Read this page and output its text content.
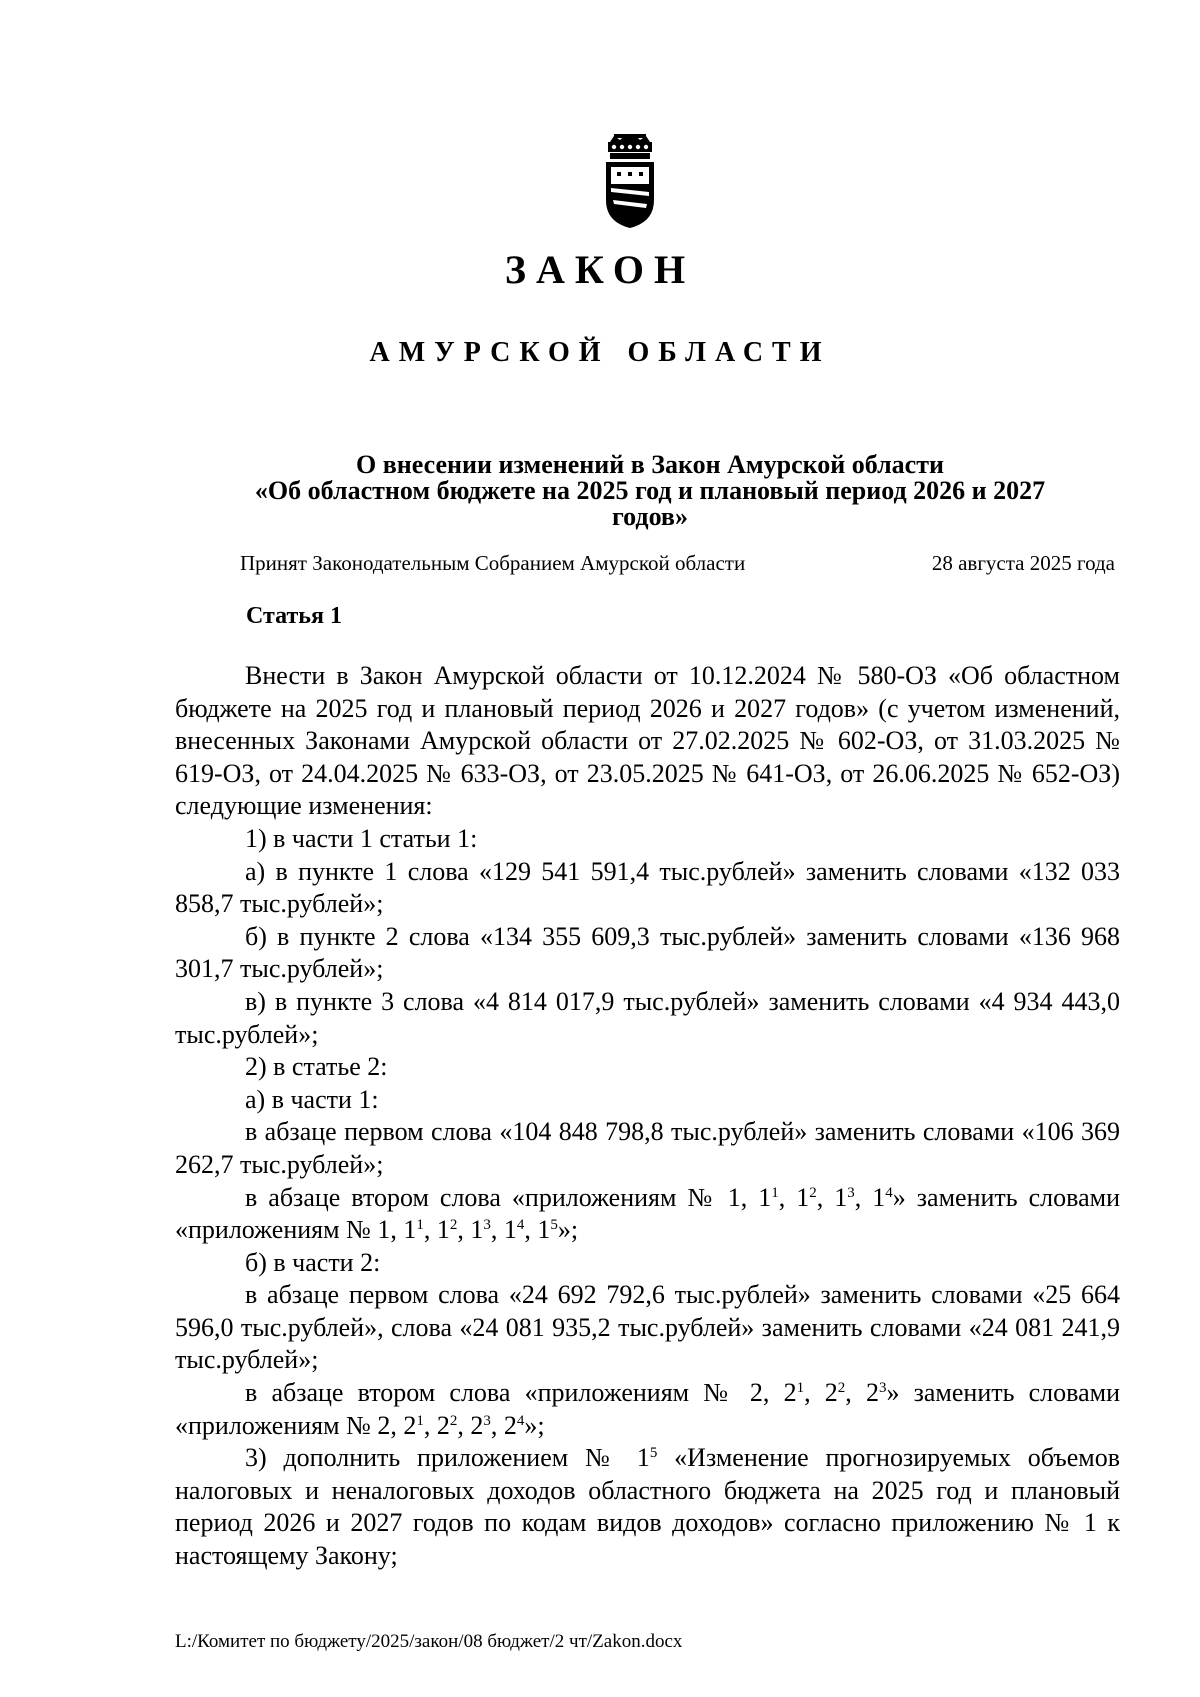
ЗАКОН
АМУРСКОЙ ОБЛАСТИ
О внесении изменений в Закон Амурской области
«Об областном бюджете на 2025 год и плановый период 2026 и 2027
годов»
Принят Законодательным Собранием Амурской области	28 августа 2025 года
Статья 1

Внести в Закон Амурской области от 10.12.2024 № 580-ОЗ «Об областном бюджете на 2025 год и плановый период 2026 и 2027 годов» (с учетом изменений, внесенных Законами Амурской области от 27.02.2025 № 602-ОЗ, от 31.03.2025 № 619-ОЗ, от 24.04.2025 № 633-ОЗ, от 23.05.2025 № 641-ОЗ, от 26.06.2025 № 652-ОЗ) следующие изменения:

1) в части 1 статьи 1:

а) в пункте 1 слова «129 541 591,4 тыс.рублей» заменить словами «132 033 858,7 тыс.рублей»;

б) в пункте 2 слова «134 355 609,3 тыс.рублей» заменить словами «136 968 301,7 тыс.рублей»;

в) в пункте 3 слова «4 814 017,9 тыс.рублей» заменить словами «4 934 443,0 тыс.рублей»;

2) в статье 2:

а) в части 1:

в абзаце первом слова «104 848 798,8 тыс.рублей» заменить словами «106 369 262,7 тыс.рублей»;

в абзаце втором слова «приложениям № 1, $1^1$, $1^2$, $1^3$, $1^4$» заменить словами «приложениям № 1, $1^1$, $1^2$, $1^3$, $1^4$, $1^5$»;

б) в части 2:

в абзаце первом слова «24 692 792,6 тыс.рублей» заменить словами «25 664 596,0 тыс.рублей», слова «24 081 935,2 тыс.рублей» заменить словами «24 081 241,9 тыс.рублей»;

в абзаце втором слова «приложениям № 2, $2^1$, $2^2$, $2^3$» заменить словами «приложениям № 2, $2^1$, $2^2$, $2^3$, $2^4$»;

3) дополнить приложением № $1^5$ «Изменение прогнозируемых объемов налоговых и неналоговых доходов областного бюджета на 2025 год и плановый период 2026 и 2027 годов по кодам видов доходов» согласно приложению № 1 к настоящему Закону;

L:/Комитет по бюджету/2025/закон/08 бюджет/2 чт/Zakon.docx
